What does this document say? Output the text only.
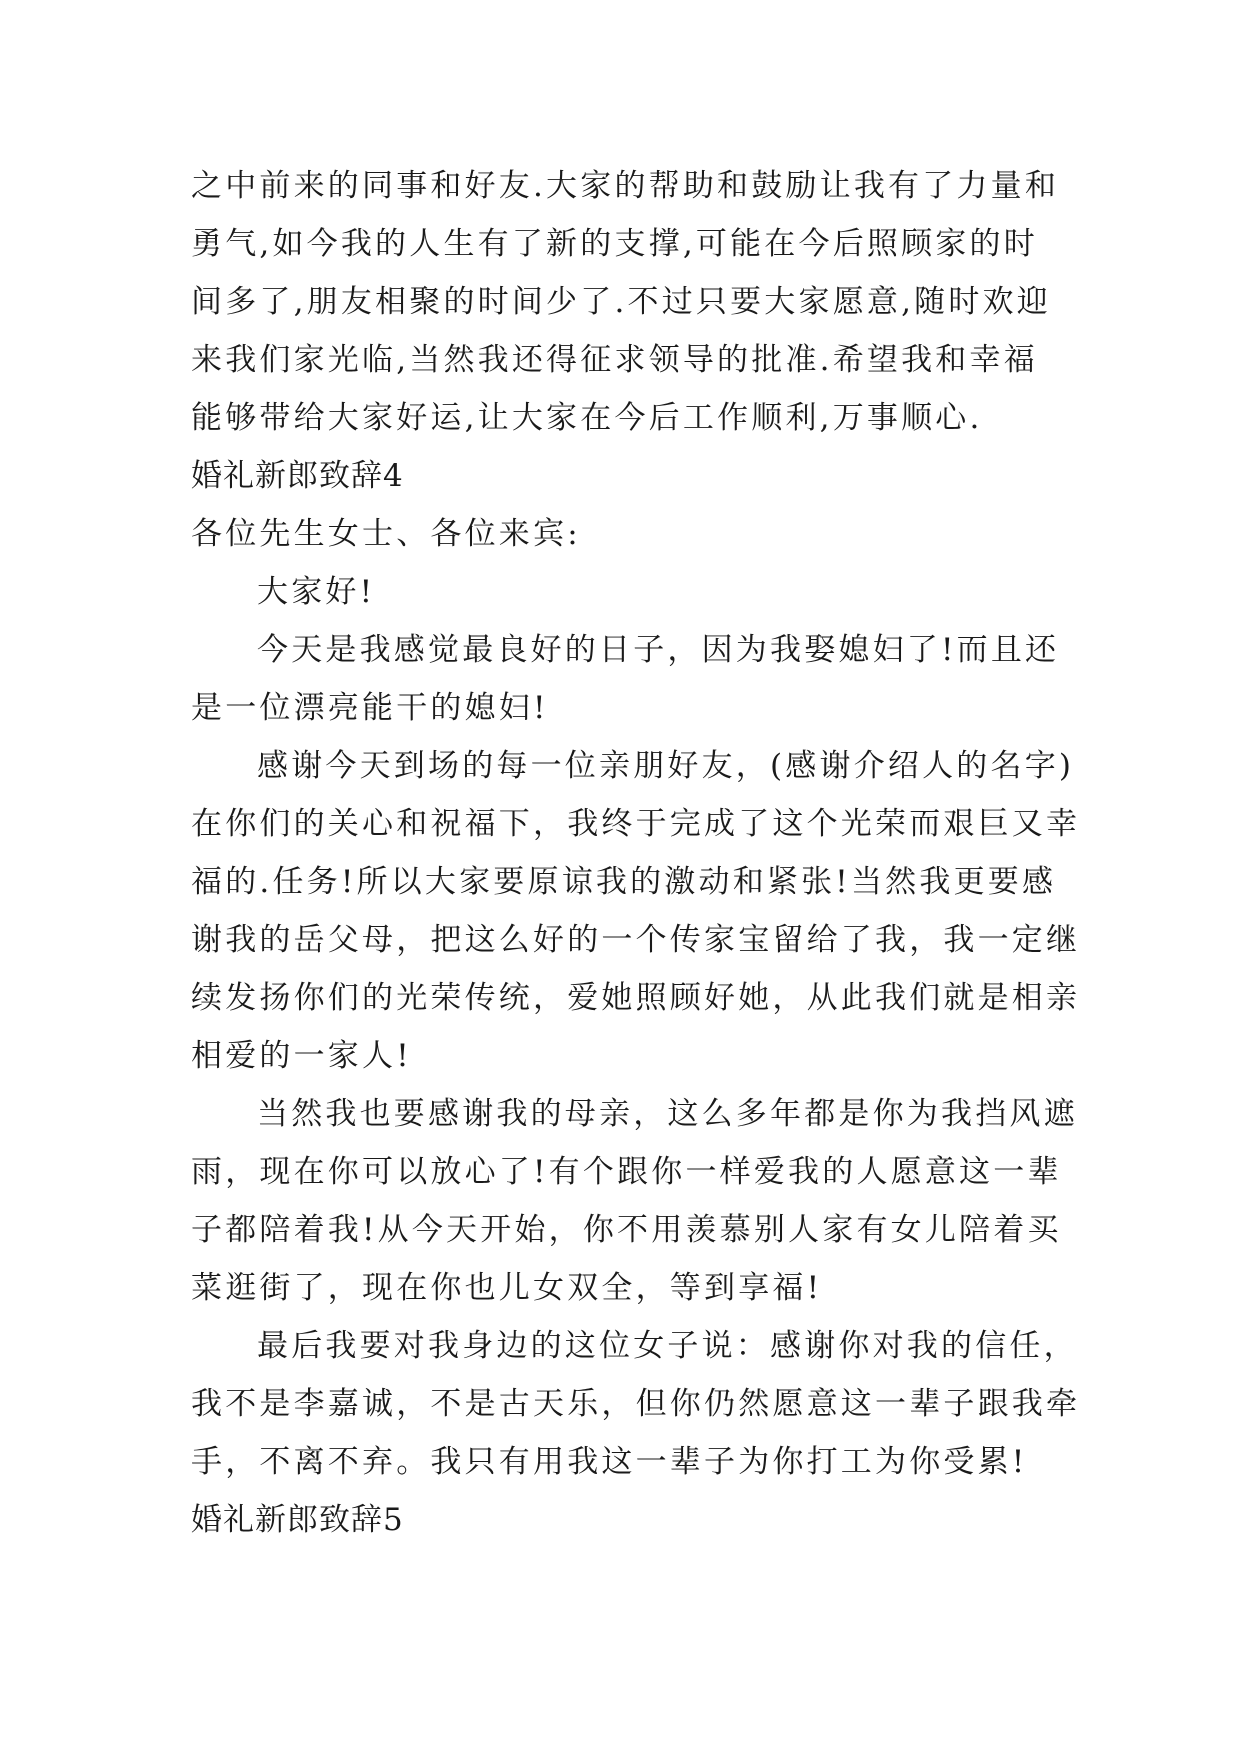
之中前来的同事和好友.大家的帮助和鼓励让我有了力量和
勇气,如今我的人生有了新的支撑,可能在今后照顾家的时
间多了,朋友相聚的时间少了.不过只要大家愿意,随时欢迎
来我们家光临,当然我还得征求领导的批准.希望我和幸福
能够带给大家好运,让大家在今后工作顺利,万事顺心.
婚礼新郎致辞4
各位先生女士、各位来宾:
大家好!
今天是我感觉最良好的日子，因为我娶媳妇了!而且还
是一位漂亮能干的媳妇!
感谢今天到场的每一位亲朋好友，(感谢介绍人的名字)
在你们的关心和祝福下，我终于完成了这个光荣而艰巨又幸
福的.任务!所以大家要原谅我的激动和紧张!当然我更要感
谢我的岳父母，把这么好的一个传家宝留给了我，我一定继
续发扬你们的光荣传统，爱她照顾好她，从此我们就是相亲
相爱的一家人!
当然我也要感谢我的母亲，这么多年都是你为我挡风遮
雨，现在你可以放心了!有个跟你一样爱我的人愿意这一辈
子都陪着我!从今天开始，你不用羡慕别人家有女儿陪着买
菜逛街了，现在你也儿女双全，等到享福!
最后我要对我身边的这位女子说：感谢你对我的信任，
我不是李嘉诚，不是古天乐，但你仍然愿意这一辈子跟我牵
手，不离不弃。我只有用我这一辈子为你打工为你受累!
婚礼新郎致辞5
